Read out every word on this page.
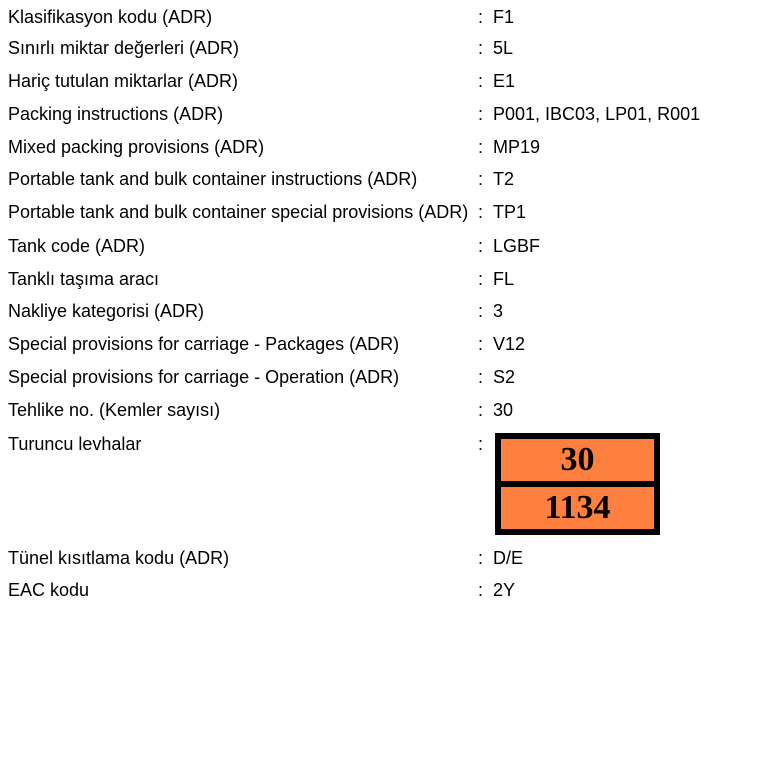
Klasifikasyon kodu (ADR)	: F1
Sınırlı miktar değerleri (ADR)	: 5L
Hariç tutulan miktarlar (ADR)	: E1
Packing instructions (ADR)	: P001, IBC03, LP01, R001
Mixed packing provisions (ADR)	: MP19
Portable tank and bulk container instructions (ADR)	: T2
Portable tank and bulk container special provisions (ADR) : TP1
Tank code (ADR)	: LGBF
Tanklı taşıma aracı	: FL
Nakliye kategorisi (ADR)	: 3
Special provisions for carriage - Packages (ADR)	: V12
Special provisions for carriage - Operation (ADR)	: S2
Tehlike no. (Kemler sayısı)	: 30
Turuncu levhalar	:	30
1134
Tünel kısıtlama kodu (ADR)	: D/E
EAC kodu	: 2Y
